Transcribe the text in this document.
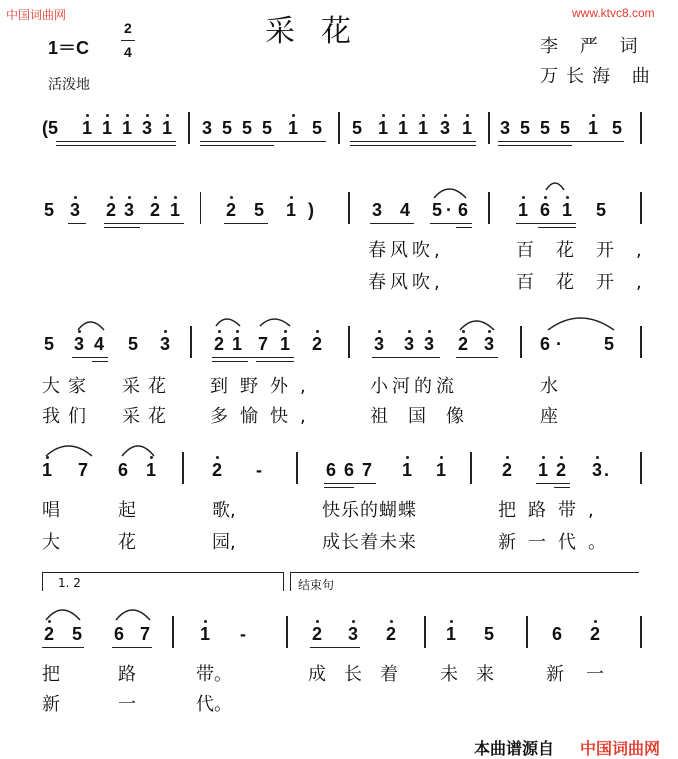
中国词曲网	www.ktvc8.com
采花	李 严 词
万长海 曲
1＝C
2
4
活泼地
(5 1 1 1 3 1 3 5 5 5 1 5 5 1 1 1 3 1 3 5 5 5 1 5
5 3 2 3 2 1	2 5 1 )	3 4 5 · 6	1 6 1 5
春风吹,	百花开,
春风吹,	百花开,
5 3 4 5 3 2 1 7 1 2	3 3 3 2 3	6 · 5
大家 采花 到野外,	小河的流	水
我们 采花 多愉快,	祖国像	座
1 7 6 1	2 -	6 6 7 1 1	2 1 2 3 .
唱	起	歌,	快乐的蝴蝶	把路带,
大	花	园,	成长着未来	新一代。
1. 2	结束句
2 5 6 7	1 -	2 3 2	1 5	6 2
把	路	带。	成长着 未来 新一
新	一	代。
本曲谱源自 中国词曲网
